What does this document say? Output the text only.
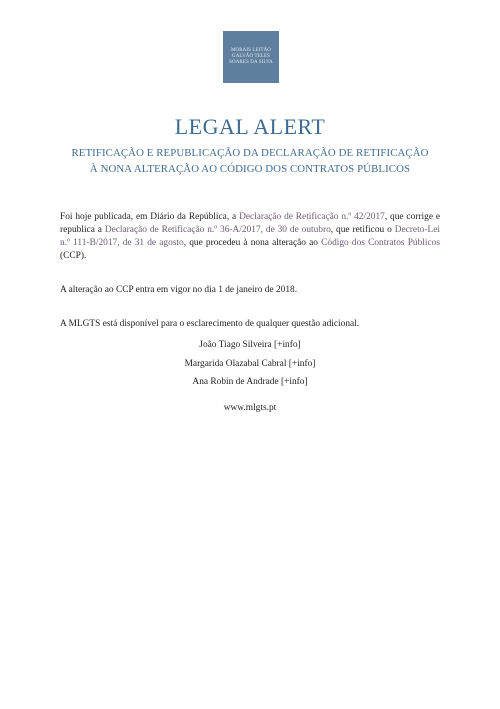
MORAIS LEITÃO
GALVÃO TELES
SOARES DA SILVA
LEGAL ALERT
RETIFICAÇÃO E REPUBLICAÇÃO DA DECLARAÇÃO DE RETIFICAÇÃO
À NONA ALTERAÇÃO AO CÓDIGO DOS CONTRATOS PÚBLICOS

Foi hoje publicada, em Diário da República, a Declaração de Retificação n.º 42/2017, que corrige e republica a Declaração de Retificação n.º 36-A/2017, de 30 de outubro, que retificou o Decreto-Lei n.º 111-B/2017, de 31 de agosto, que procedeu à nona alteração ao Código dos Contratos Públicos (CCP).

A alteração ao CCP entra em vigor no dia 1 de janeiro de 2018.

A MLGTS está disponível para o esclarecimento de qualquer questão adicional.

João Tiago Silveira [+info]
Margarida Olazabal Cabral [+info]
Ana Robin de Andrade [+info]
www.mlgts.pt
